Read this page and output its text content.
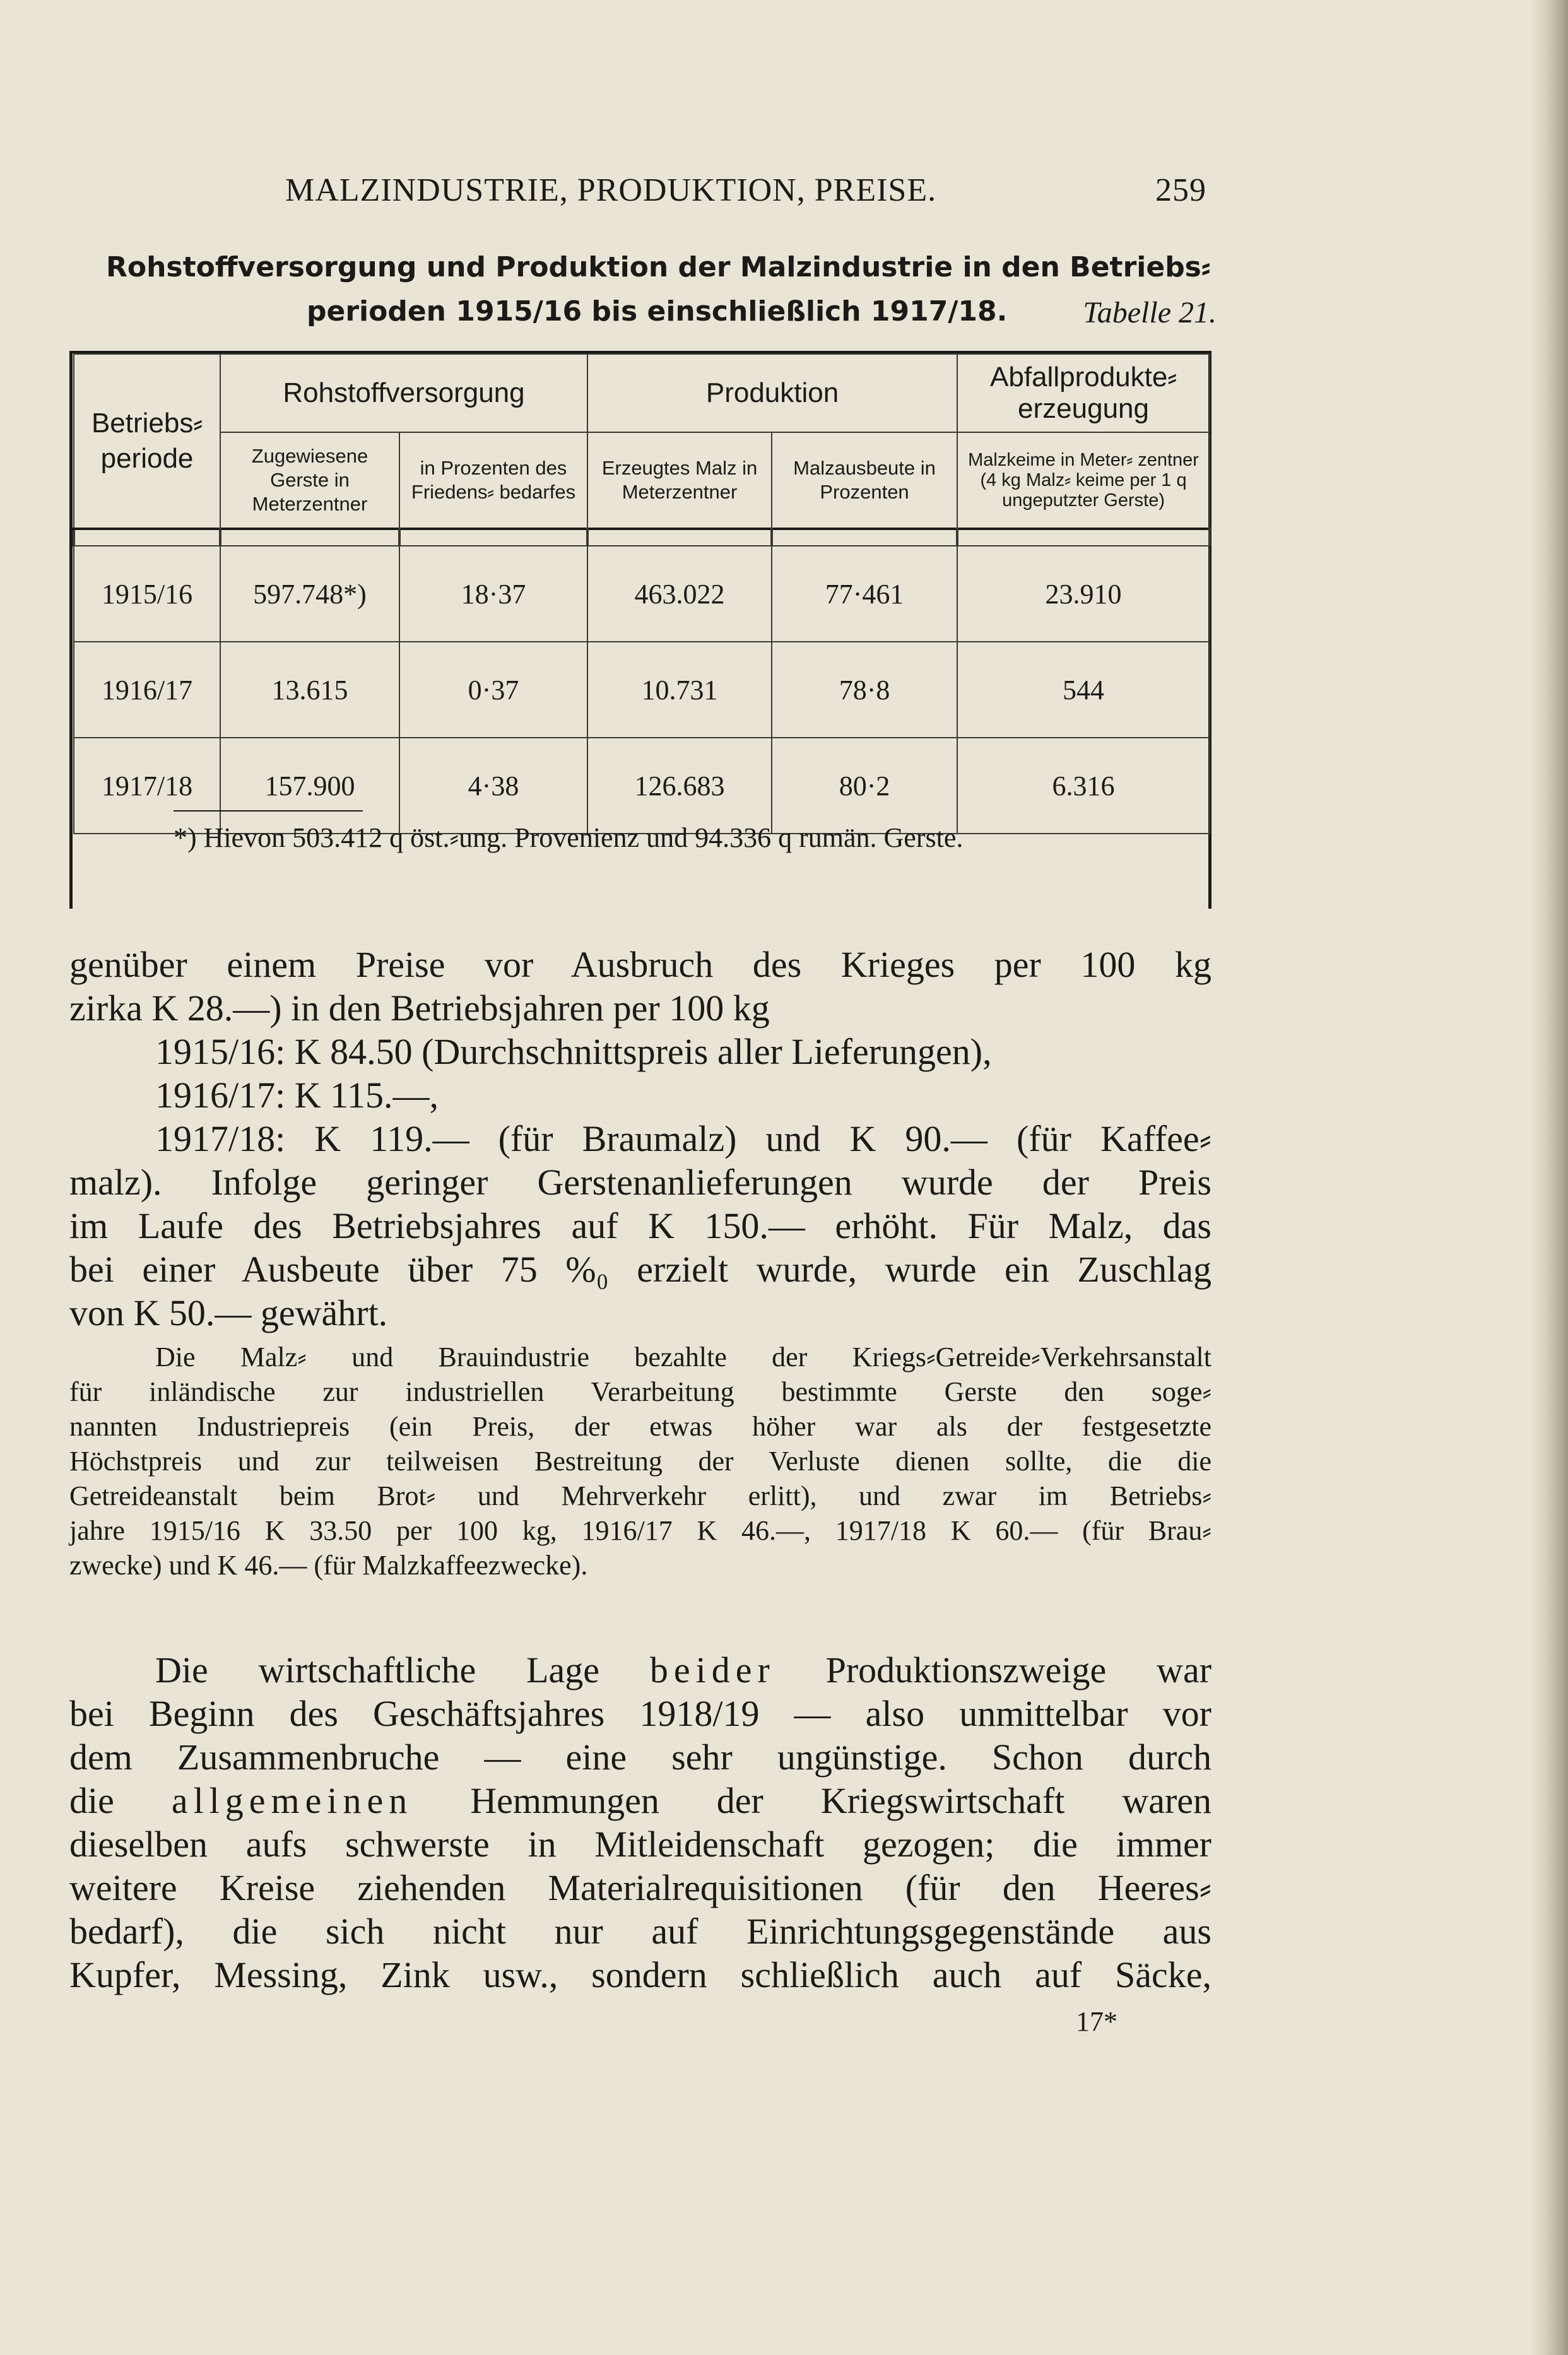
MALZINDUSTRIE, PRODUKTION, PREISE.	259
Rohstoffversorgung und Produktion der Malzindustrie in den Betriebs⸗
perioden 1915/16 bis einschließlich 1917/18.	Tabelle 21.
Betriebs⸗ periode	Rohstoffversorgung		Produktion		Abfallprodukte⸗ erzeugung
	Zugewiesene Gerste in Meterzentner	in Prozenten des Friedens⸗ bedarfes	Erzeugtes Malz in Meterzentner	Malzausbeute in Prozenten	Malzkeime in Meter⸗ zentner (4 kg Malz⸗ keime per 1 q ungeputzter Gerste)

1915/16	597.748*)	18·37	463.022	77·461	23.910
1916/17	13.615	0·37	10.731	78·8	544
1917/18	157.900	4·38	126.683	80·2	6.316
*) Hievon 503.412 q öst.⸗ung. Provenienz und 94.336 q rumän. Gerste.
genüber einem Preise vor Ausbruch des Krieges per 100 kg
zirka K 28.—) in den Betriebsjahren per 100 kg
1915/16: K 84.50 (Durchschnittspreis aller Lieferungen),
1916/17: K 115.—,
1917/18: K 119.— (für Braumalz) und K 90.— (für Kaffee⸗
malz). Infolge geringer Gerstenanlieferungen wurde der Preis
im Laufe des Betriebsjahres auf K 150.— erhöht. Für Malz, das
bei einer Ausbeute über 75 %₀ erzielt wurde, wurde ein Zuschlag
von K 50.— gewährt.
Die Malz⸗ und Brauindustrie bezahlte der Kriegs⸗Getreide⸗Verkehrsanstalt
für inländische zur industriellen Verarbeitung bestimmte Gerste den soge⸗
nannten Industriepreis (ein Preis, der etwas höher war als der festgesetzte
Höchstpreis und zur teilweisen Bestreitung der Verluste dienen sollte, die die
Getreideanstalt beim Brot⸗ und Mehrverkehr erlitt), und zwar im Betriebs⸗
jahre 1915/16 K 33.50 per 100 kg, 1916/17 K 46.—, 1917/18 K 60.— (für Brau⸗
zwecke) und K 46.— (für Malzkaffeezwecke).
Die wirtschaftliche Lage beider Produktionszweige war
bei Beginn des Geschäftsjahres 1918/19 — also unmittelbar vor
dem Zusammenbruche — eine sehr ungünstige. Schon durch
die allgemeinen Hemmungen der Kriegswirtschaft waren
dieselben aufs schwerste in Mitleidenschaft gezogen; die immer
weitere Kreise ziehenden Materialrequisitionen (für den Heeres⸗
bedarf), die sich nicht nur auf Einrichtungsgegenstände aus
Kupfer, Messing, Zink usw., sondern schließlich auch auf Säcke,
17*
